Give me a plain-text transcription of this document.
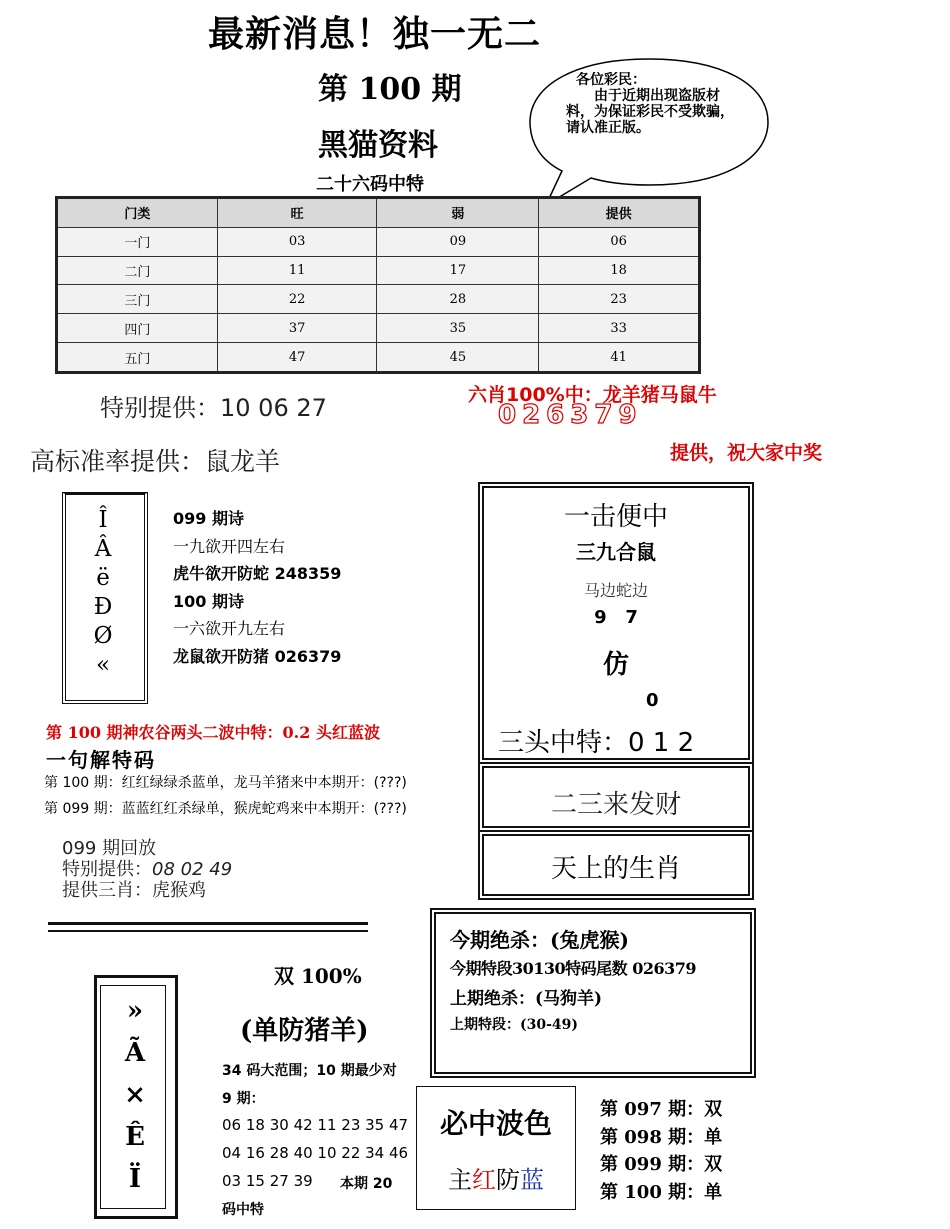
最新消息！独一无二
第 100 期
黑猫资料
二十六码中特
各位彩民：
由于近期出现盗版材料，为保证彩民不受欺骗，请认准正版。
门类	旺	弱	提供
一门	03	09	06
二门	11	17	18
三门	22	28	23
四门	37	35	33
五门	47	45	41
特别提供：10 06 27
高标准率提供：鼠龙羊
六肖100%中：龙羊猪马鼠牛
026379
提供，祝大家中奖
Î
Â
ë
Ð
Ø
«
099 期诗
一九欲开四左右
虎牛欲开防蛇 248359
100 期诗
一六欲开九左右
龙鼠欲开防猪 026379
一击便中
三九合鼠
马边蛇边
9   7
仿
0
三头中特：0 1 2
二三来发财
天上的生肖
第 100 期神农谷两头二波中特：0.2 头红蓝波
一句解特码
第 100 期：红红绿绿杀蓝单，龙马羊猪来中本期开：(???)
第 099 期：蓝蓝红红杀绿单，猴虎蛇鸡来中本期开：(???)
099 期回放
特别提供：08 02 49
提供三肖：虎猴鸡
今期绝杀：(兔虎猴)
今期特段30130特码尾数 026379
上期绝杀：(马狗羊)
上期特段：(30-49)
»
Ã
×
Ê
Ï
双 100%
(单防猪羊)
34 码大范围；10 期最少对
9 期：
06 18 30 42 11 23 35 47
04 16 28 40 10 22 34 46
03 15 27 39 本期 20
码中特
必中波色
主红防蓝
第 097 期：双
第 098 期：单
第 099 期：双
第 100 期：单
